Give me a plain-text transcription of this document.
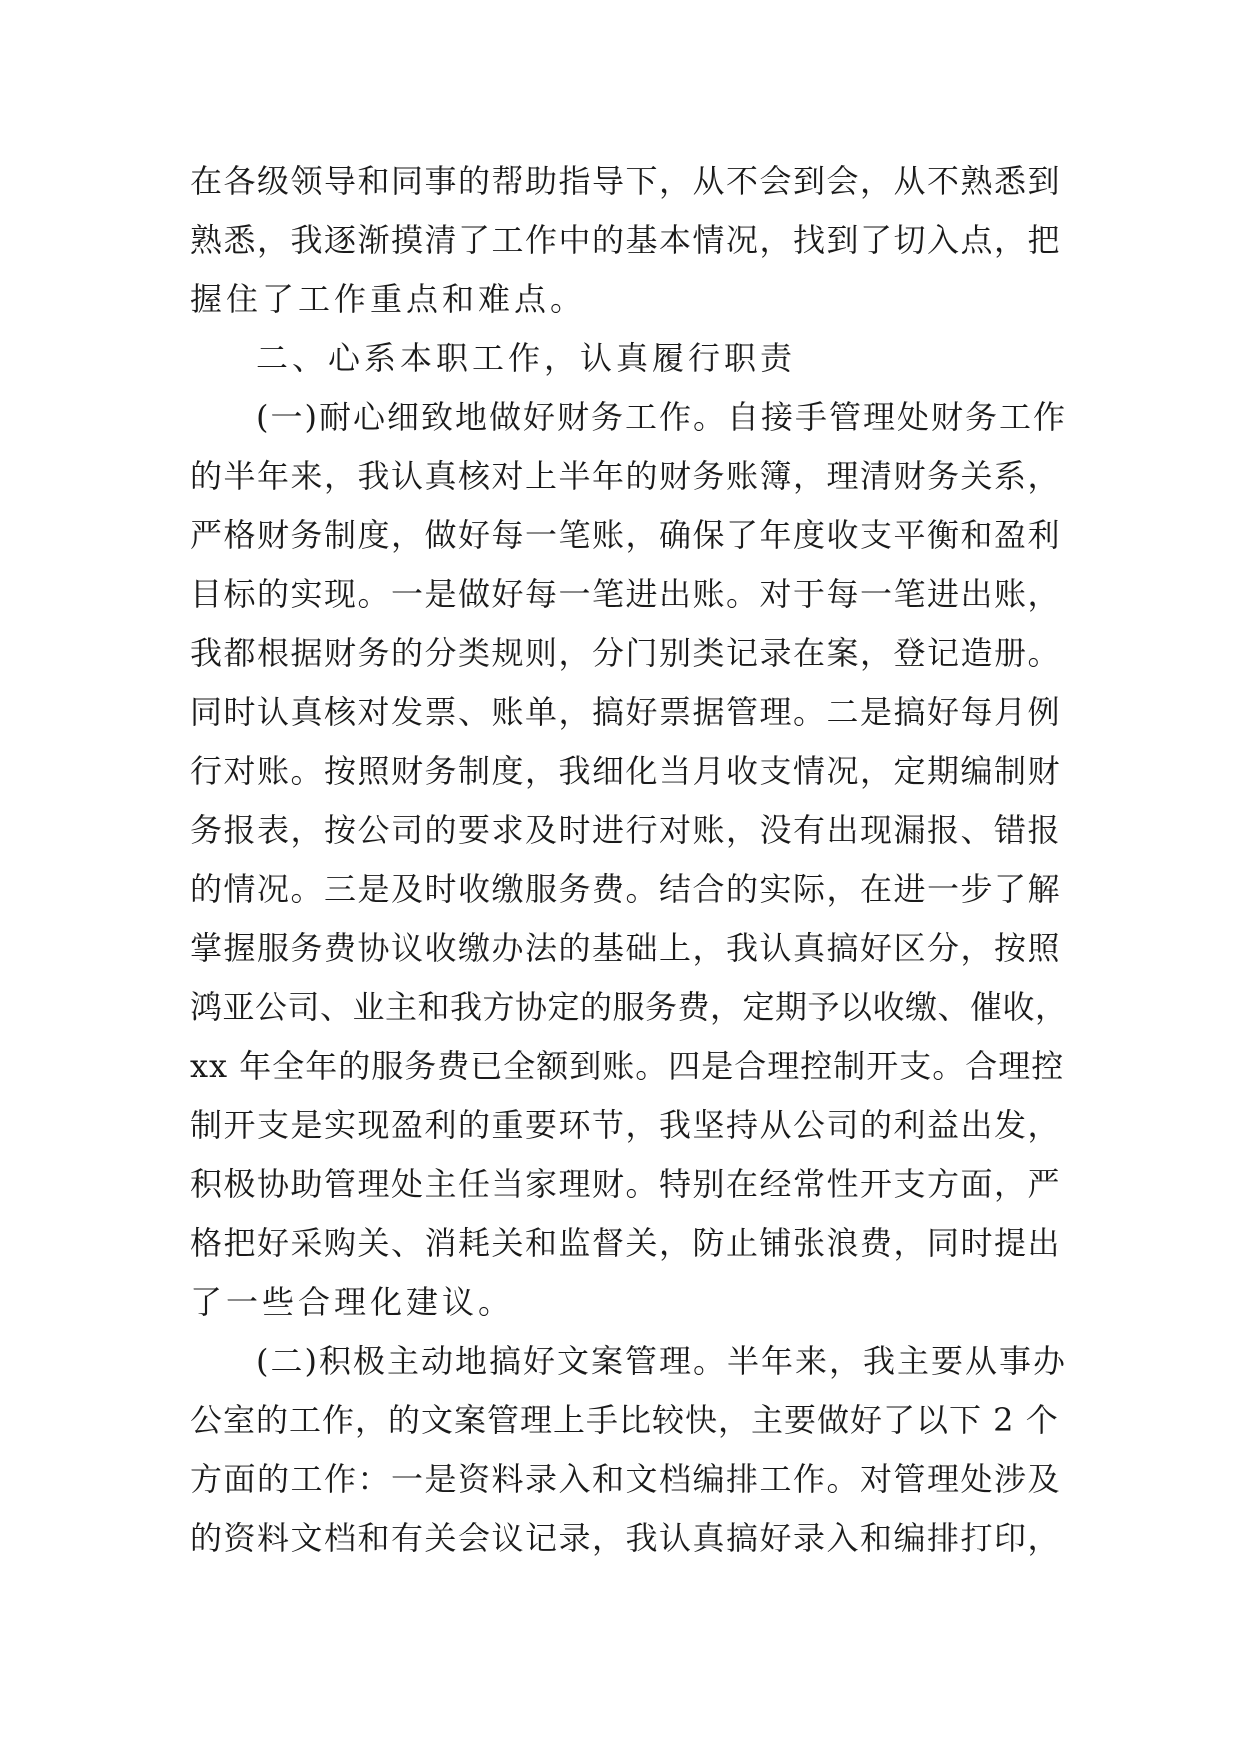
在各级领导和同事的帮助指导下，从不会到会，从不熟悉到
熟悉，我逐渐摸清了工作中的基本情况，找到了切入点，把
握住了工作重点和难点。
二、心系本职工作，认真履行职责
(一)耐心细致地做好财务工作。自接手管理处财务工作
的半年来，我认真核对上半年的财务账簿，理清财务关系，
严格财务制度，做好每一笔账，确保了年度收支平衡和盈利
目标的实现。一是做好每一笔进出账。对于每一笔进出账，
我都根据财务的分类规则，分门别类记录在案，登记造册。
同时认真核对发票、账单，搞好票据管理。二是搞好每月例
行对账。按照财务制度，我细化当月收支情况，定期编制财
务报表，按公司的要求及时进行对账，没有出现漏报、错报
的情况。三是及时收缴服务费。结合的实际，在进一步了解
掌握服务费协议收缴办法的基础上，我认真搞好区分，按照
鸿亚公司、业主和我方协定的服务费，定期予以收缴、催收，
xx 年全年的服务费已全额到账。四是合理控制开支。合理控
制开支是实现盈利的重要环节，我坚持从公司的利益出发，
积极协助管理处主任当家理财。特别在经常性开支方面，严
格把好采购关、消耗关和监督关，防止铺张浪费，同时提出
了一些合理化建议。
(二)积极主动地搞好文案管理。半年来，我主要从事办
公室的工作，的文案管理上手比较快，主要做好了以下 2 个
方面的工作：一是资料录入和文档编排工作。对管理处涉及
的资料文档和有关会议记录，我认真搞好录入和编排打印，
